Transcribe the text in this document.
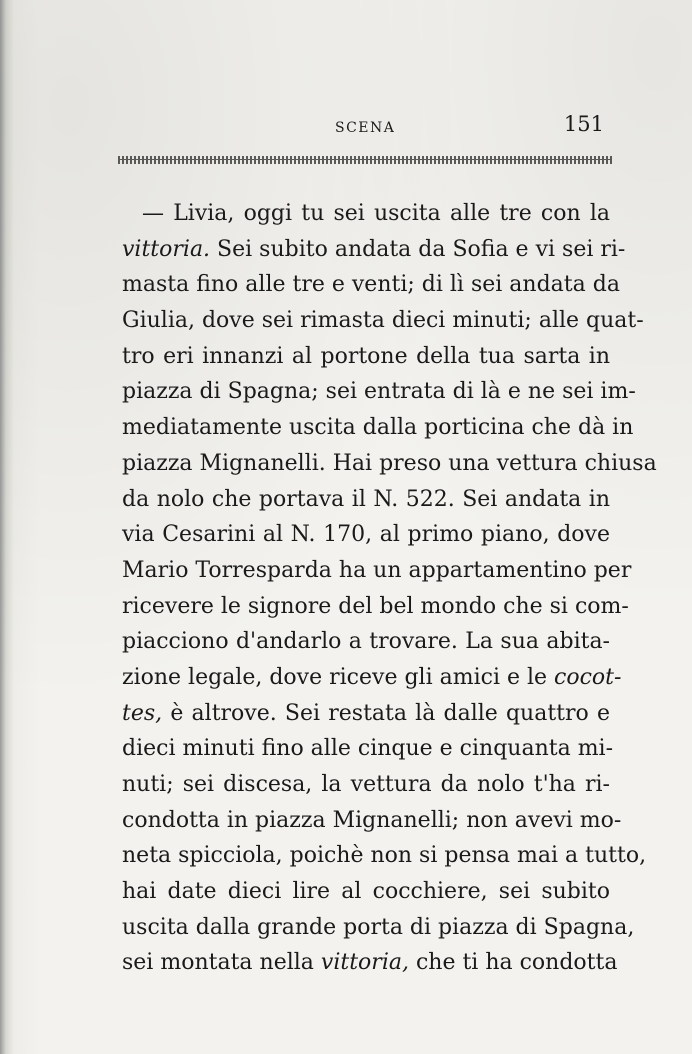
SCENA	151
— Livia, oggi tu sei uscita alle tre con la
vittoria. Sei subito andata da Sofia e vi sei ri-
masta fino alle tre e venti; di lì sei andata da
Giulia, dove sei rimasta dieci minuti; alle quat-
tro eri innanzi al portone della tua sarta in
piazza di Spagna; sei entrata di là e ne sei im-
mediatamente uscita dalla porticina che dà in
piazza Mignanelli. Hai preso una vettura chiusa
da nolo che portava il N. 522. Sei andata in
via Cesarini al N. 170, al primo piano, dove
Mario Torresparda ha un appartamentino per
ricevere le signore del bel mondo che si com-
piacciono d'andarlo a trovare. La sua abita-
zione legale, dove riceve gli amici e le cocot-
tes, è altrove. Sei restata là dalle quattro e
dieci minuti fino alle cinque e cinquanta mi-
nuti; sei discesa, la vettura da nolo t'ha ri-
condotta in piazza Mignanelli; non avevi mo-
neta spicciola, poichè non si pensa mai a tutto,
hai date dieci lire al cocchiere, sei subito
uscita dalla grande porta di piazza di Spagna,
sei montata nella vittoria, che ti ha condotta
